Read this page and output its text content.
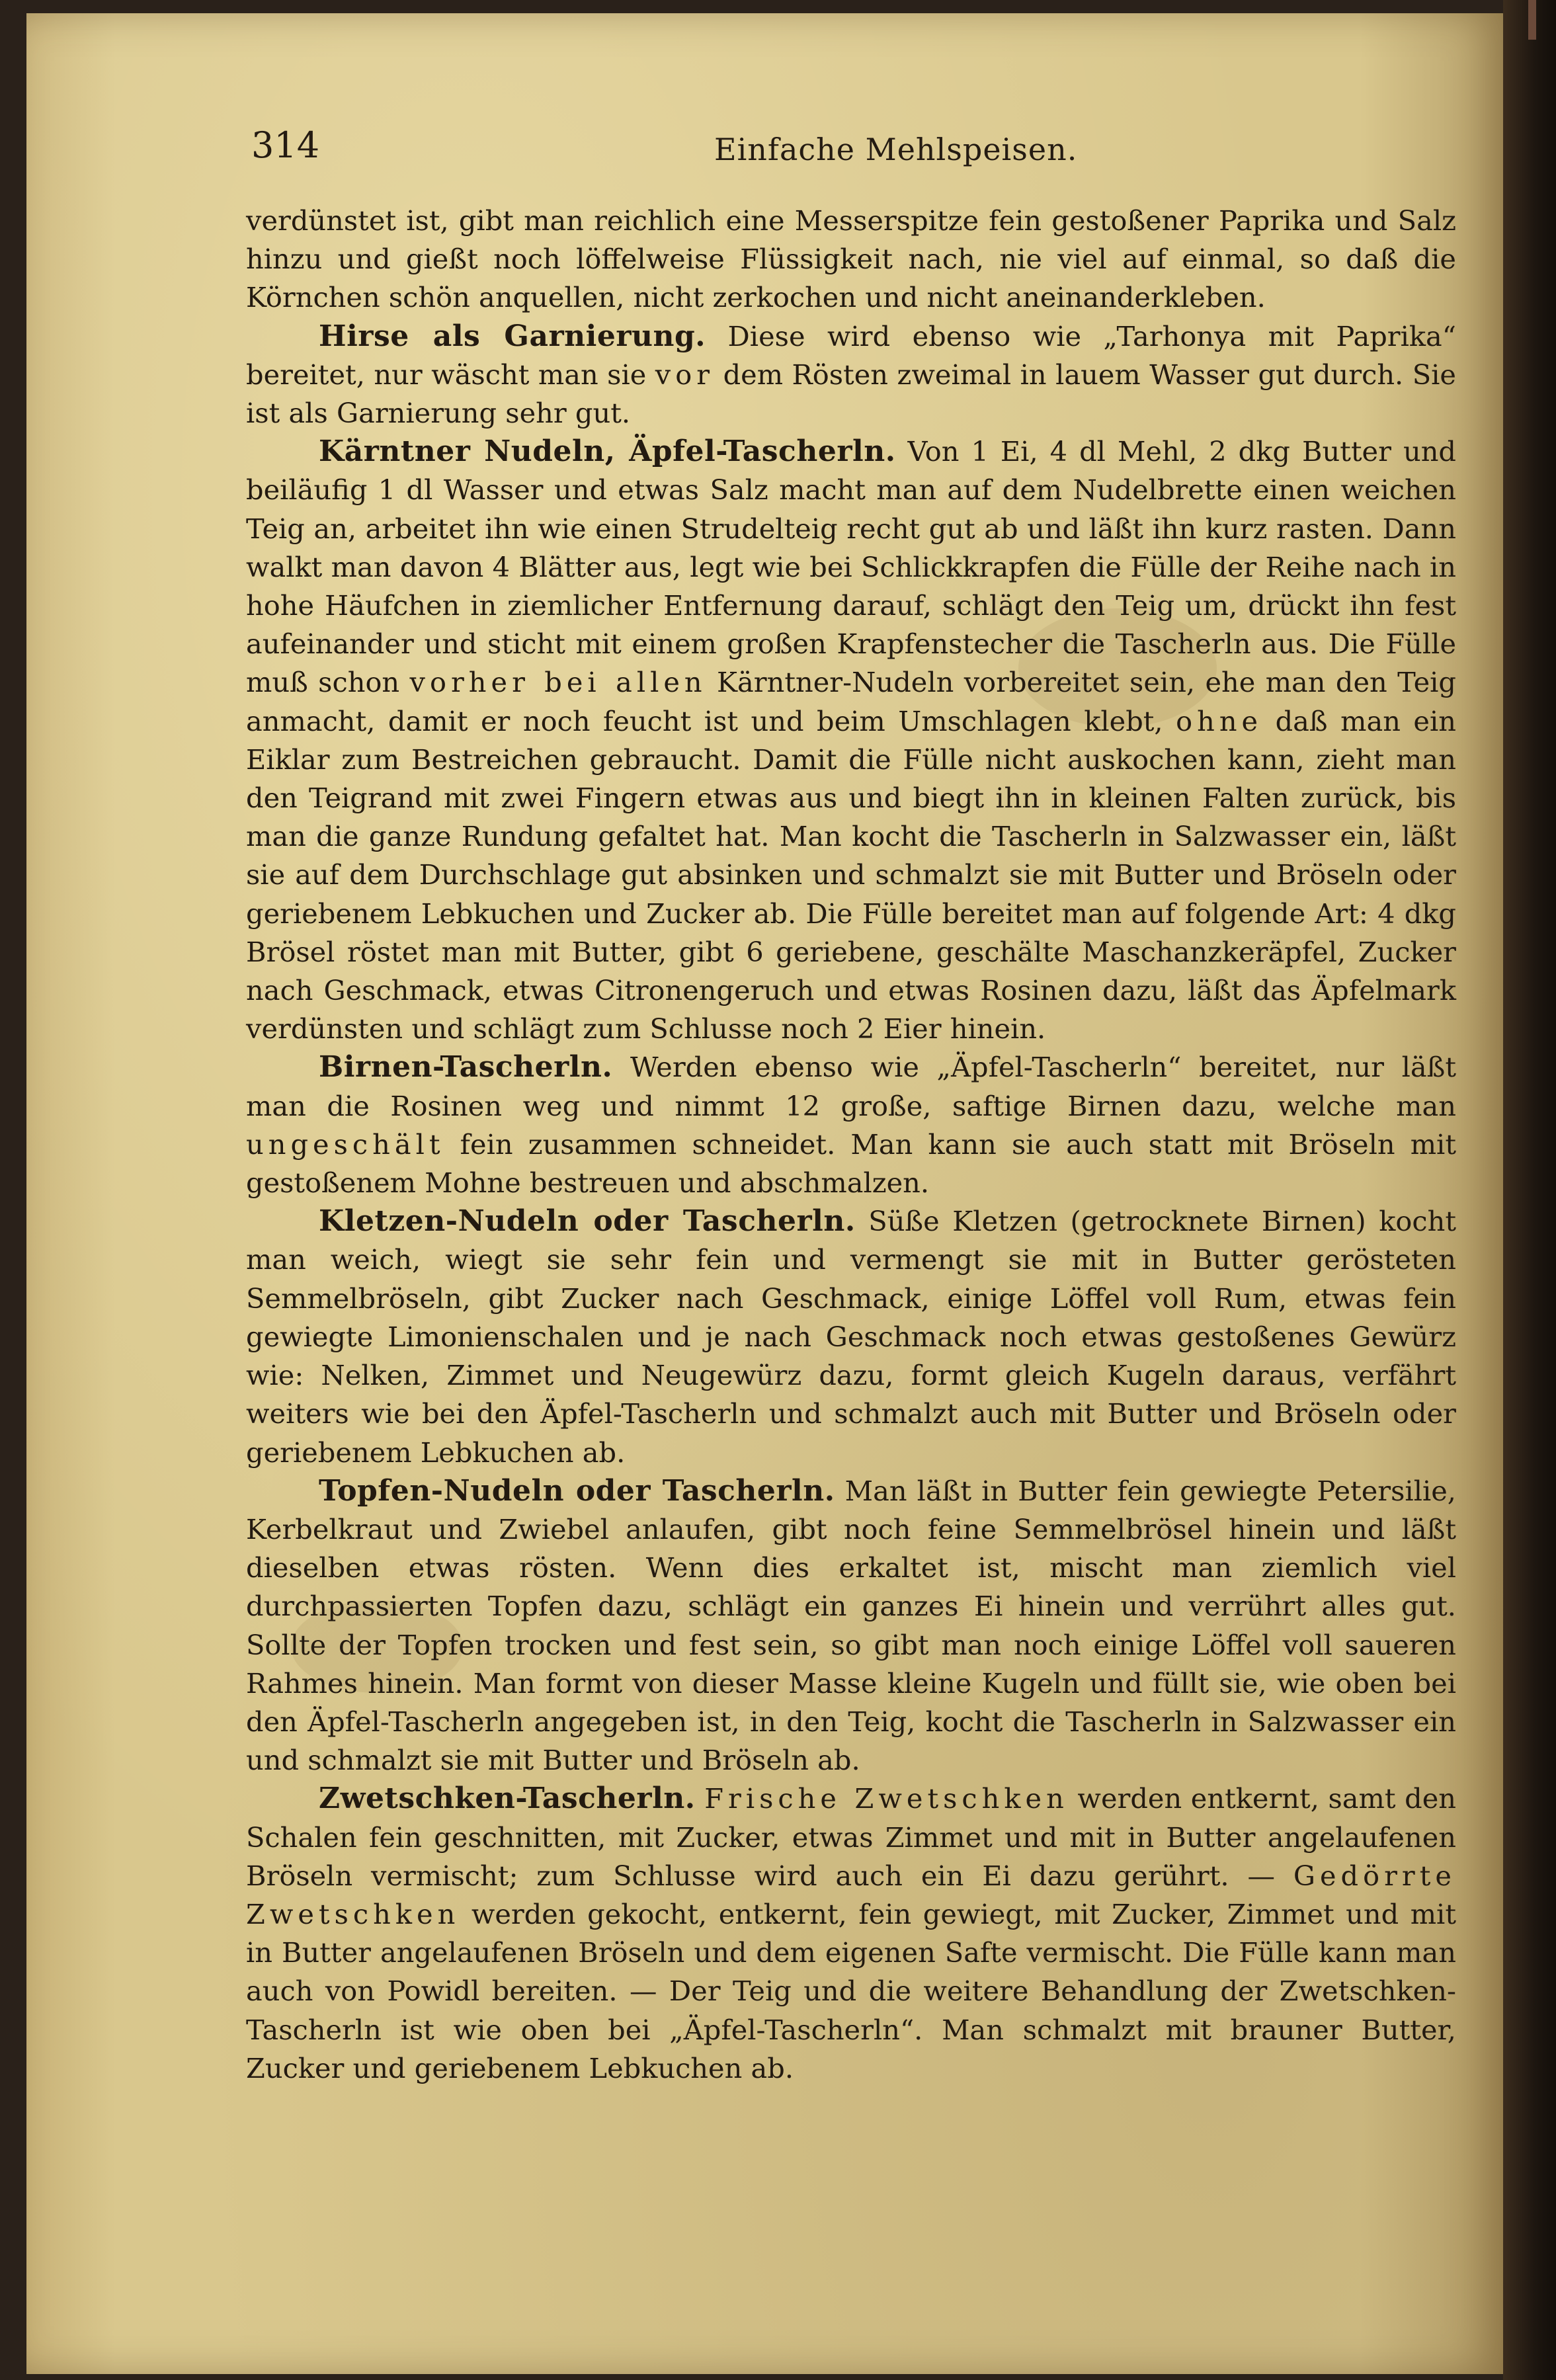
314	Einfache Mehlspeisen.

verdünstet ist, gibt man reichlich eine Messerspitze fein gestoßener Paprika und Salz hinzu und gießt noch löffelweise Flüssigkeit nach, nie viel auf einmal, so daß die Körnchen schön anquellen, nicht zerkochen und nicht aneinanderkleben.

Hirse als Garnierung. Diese wird ebenso wie „Tarhonya mit Paprika“ bereitet, nur wäscht man sie vor dem Rösten zweimal in lauem Wasser gut durch. Sie ist als Garnierung sehr gut.

Kärntner Nudeln, Äpfel-Tascherln. Von 1 Ei, 4 dl Mehl, 2 dkg Butter und beiläufig 1 dl Wasser und etwas Salz macht man auf dem Nudelbrette einen weichen Teig an, arbeitet ihn wie einen Strudelteig recht gut ab und läßt ihn kurz rasten. Dann walkt man davon 4 Blätter aus, legt wie bei Schlickkrapfen die Fülle der Reihe nach in hohe Häufchen in ziemlicher Entfernung darauf, schlägt den Teig um, drückt ihn fest aufeinander und sticht mit einem großen Krapfenstecher die Tascherln aus. Die Fülle muß schon vorher bei allen Kärntner-Nudeln vorbereitet sein, ehe man den Teig anmacht, damit er noch feucht ist und beim Umschlagen klebt, ohne daß man ein Eiklar zum Bestreichen gebraucht. Damit die Fülle nicht auskochen kann, zieht man den Teigrand mit zwei Fingern etwas aus und biegt ihn in kleinen Falten zurück, bis man die ganze Rundung gefaltet hat. Man kocht die Tascherln in Salzwasser ein, läßt sie auf dem Durchschlage gut absinken und schmalzt sie mit Butter und Bröseln oder geriebenem Lebkuchen und Zucker ab. Die Fülle bereitet man auf folgende Art: 4 dkg Brösel röstet man mit Butter, gibt 6 geriebene, geschälte Maschanzkeräpfel, Zucker nach Geschmack, etwas Citronengeruch und etwas Rosinen dazu, läßt das Äpfelmark verdünsten und schlägt zum Schlusse noch 2 Eier hinein.

Birnen-Tascherln. Werden ebenso wie „Äpfel-Tascherln“ bereitet, nur läßt man die Rosinen weg und nimmt 12 große, saftige Birnen dazu, welche man ungeschält fein zusammen schneidet. Man kann sie auch statt mit Bröseln mit gestoßenem Mohne bestreuen und abschmalzen.

Kletzen-Nudeln oder Tascherln. Süße Kletzen (getrocknete Birnen) kocht man weich, wiegt sie sehr fein und vermengt sie mit in Butter gerösteten Semmelbröseln, gibt Zucker nach Geschmack, einige Löffel voll Rum, etwas fein gewiegte Limonienschalen und je nach Geschmack noch etwas gestoßenes Gewürz wie: Nelken, Zimmet und Neugewürz dazu, formt gleich Kugeln daraus, verfährt weiters wie bei den Äpfel-Tascherln und schmalzt auch mit Butter und Bröseln oder geriebenem Lebkuchen ab.

Topfen-Nudeln oder Tascherln. Man läßt in Butter fein gewiegte Petersilie, Kerbelkraut und Zwiebel anlaufen, gibt noch feine Semmelbrösel hinein und läßt dieselben etwas rösten. Wenn dies erkaltet ist, mischt man ziemlich viel durchpassierten Topfen dazu, schlägt ein ganzes Ei hinein und verrührt alles gut. Sollte der Topfen trocken und fest sein, so gibt man noch einige Löffel voll saueren Rahmes hinein. Man formt von dieser Masse kleine Kugeln und füllt sie, wie oben bei den Äpfel-Tascherln angegeben ist, in den Teig, kocht die Tascherln in Salzwasser ein und schmalzt sie mit Butter und Bröseln ab.

Zwetschken-Tascherln. Frische Zwetschken werden entkernt, samt den Schalen fein geschnitten, mit Zucker, etwas Zimmet und mit in Butter angelaufenen Bröseln vermischt; zum Schlusse wird auch ein Ei dazu gerührt. — Gedörrte Zwetschken werden gekocht, entkernt, fein gewiegt, mit Zucker, Zimmet und mit in Butter angelaufenen Bröseln und dem eigenen Safte vermischt. Die Fülle kann man auch von Powidl bereiten. — Der Teig und die weitere Behandlung der Zwetschken-Tascherln ist wie oben bei „Äpfel-Tascherln“. Man schmalzt mit brauner Butter, Zucker und geriebenem Lebkuchen ab.
